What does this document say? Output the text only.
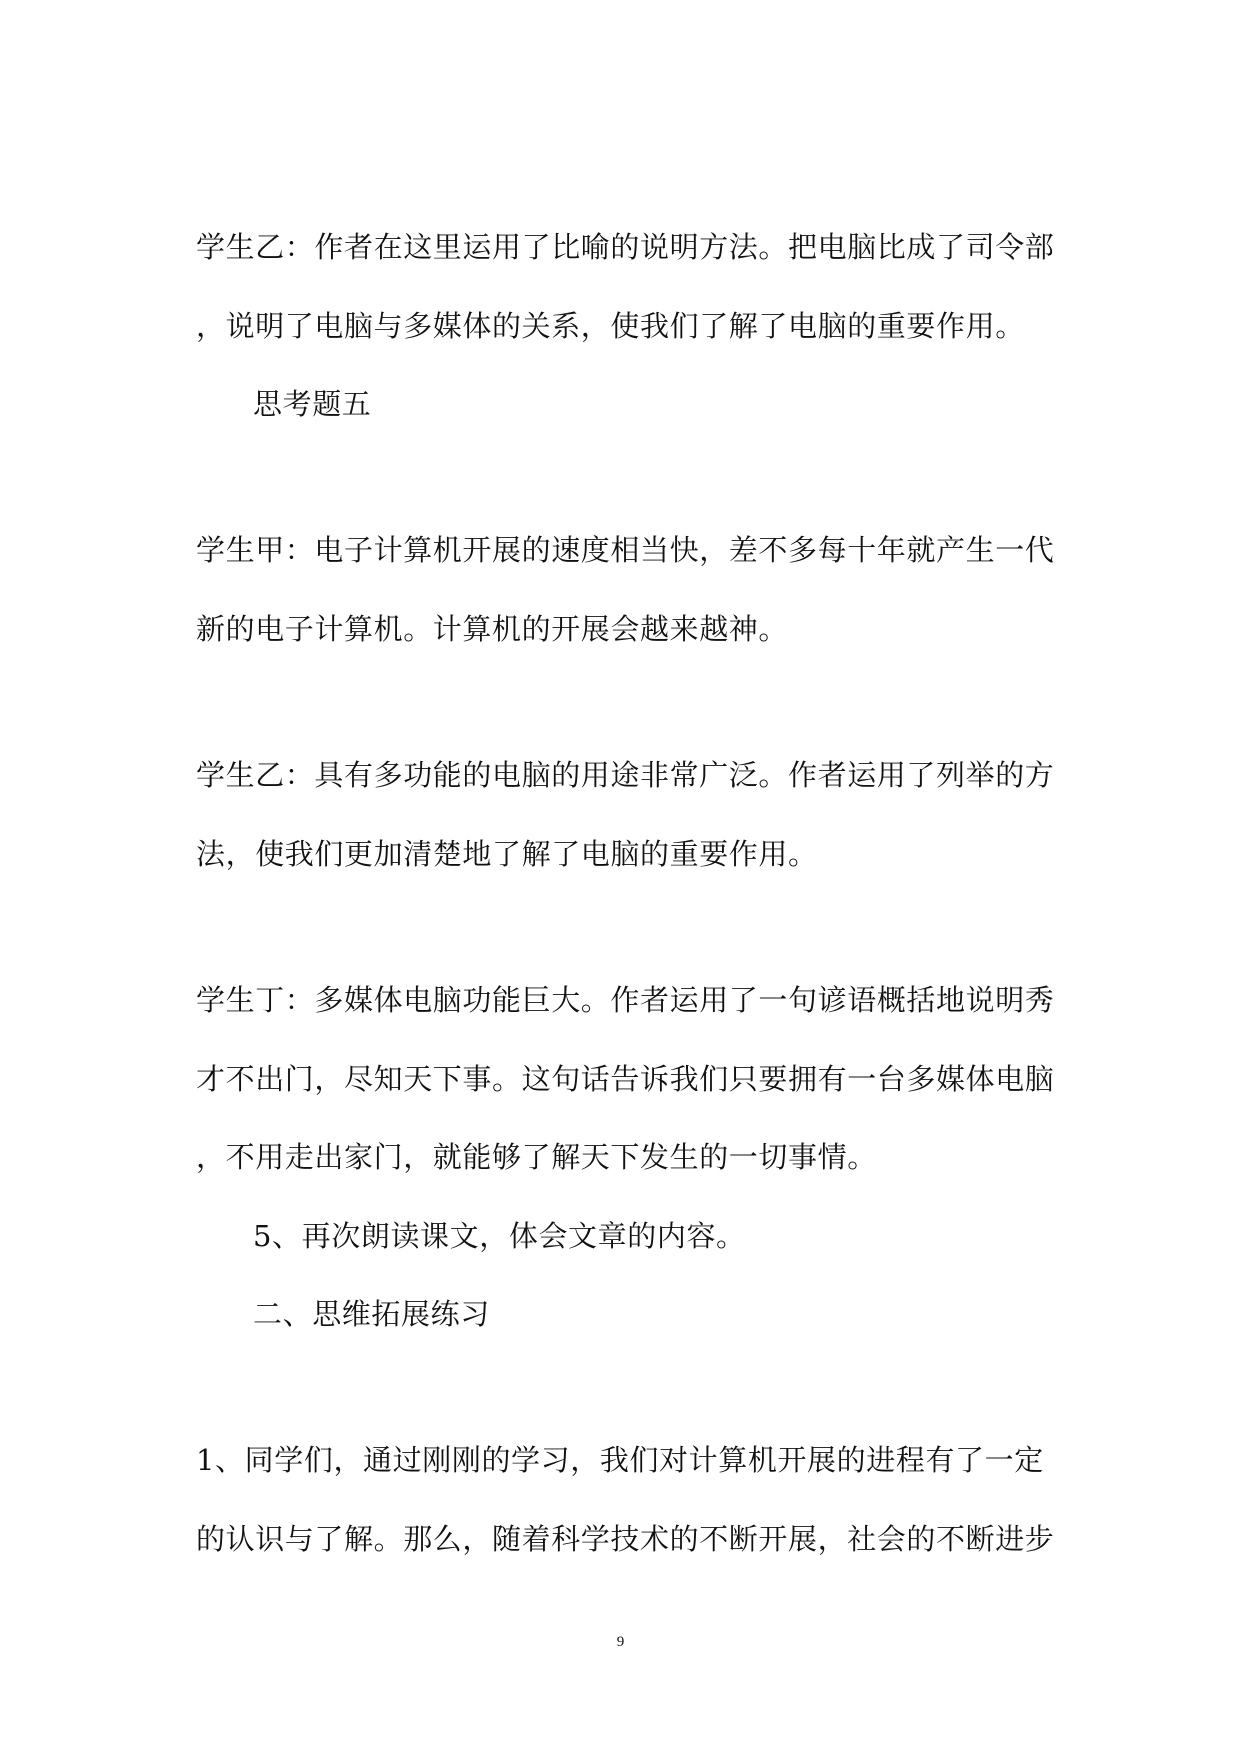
学生乙：作者在这里运用了比喻的说明方法。把电脑比成了司令部
，说明了电脑与多媒体的关系，使我们了解了电脑的重要作用。
思考题五
学生甲：电子计算机开展的速度相当快，差不多每十年就产生一代
新的电子计算机。计算机的开展会越来越神。
学生乙：具有多功能的电脑的用途非常广泛。作者运用了列举的方
法，使我们更加清楚地了解了电脑的重要作用。
学生丁：多媒体电脑功能巨大。作者运用了一句谚语概括地说明秀
才不出门，尽知天下事。这句话告诉我们只要拥有一台多媒体电脑
，不用走出家门，就能够了解天下发生的一切事情。
5、再次朗读课文，体会文章的内容。
二、思维拓展练习
1、同学们，通过刚刚的学习，我们对计算机开展的进程有了一定
的认识与了解。那么，随着科学技术的不断开展，社会的不断进步
9
